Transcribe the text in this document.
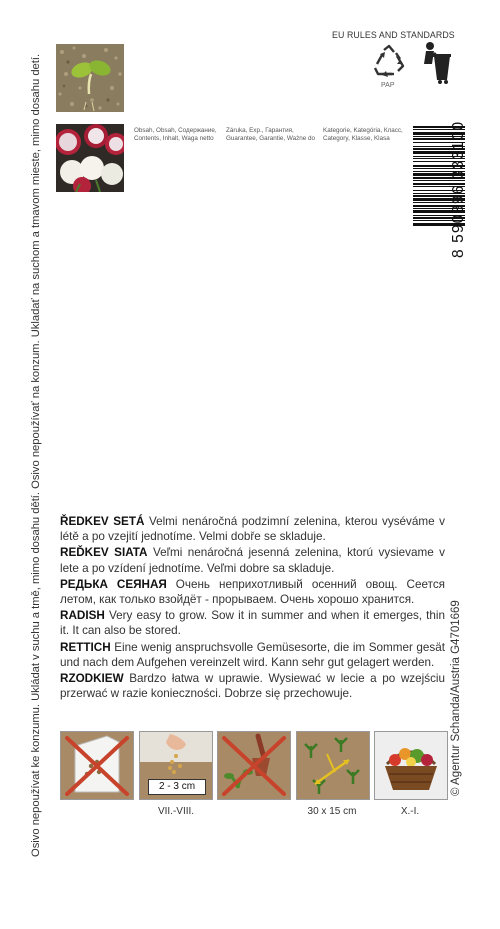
Osivo nepoužívat ke konzumu. Ukládat v suchu a tmě, mimo dosahu dětí. Osivo nepoužívať na konzum. Ukladať na suchom a tmavom mieste, mimo dosahu detí.	© Agentur Schanda/Austria G4701669
EU RULES AND STANDARDS
PAP
Obsah, Obsah, Содержание,
Contents, Inhalt, Waga netto
Záruka, Exp., Гарантия,
Guarantee, Garantie, Ważne do
Kategorie, Kategória, Класс,
Category, Klasse, Klasa	8 590396 333100

ŘEDKEV SETÁ Velmi nenáročná podzimní zelenina, kterou vyséváme v létě a po vzejití jednotíme. Velmi dobře se skladuje.

REĎKEV SIATA Veľmi nenáročná jesenná zelenina, ktorú vysievame v lete a po vzídení jednotíme. Veľmi dobre sa skladuje.

РЕДЬКА СЕЯНАЯ Очень неприхотливый осенний овощ. Сеется летом, как только взойдёт - прорываем. Очень хорошо хранится.

RADISH Very easy to grow. Sow it in summer and when it emerges, thin it. It can also be stored.

RETTICH Eine wenig anspruchsvolle Gemüsesorte, die im Sommer gesät und nach dem Aufgehen vereinzelt wird. Kann sehr gut gelagert werden.

RZODKIEW Bardzo łatwa w uprawie. Wysiewać w lecie a po wzejściu przerwać w razie konieczności. Dobrze się przechowuje.

2 - 3 cm
VII.-VIII.	30 x 15 cm	X.-I.
